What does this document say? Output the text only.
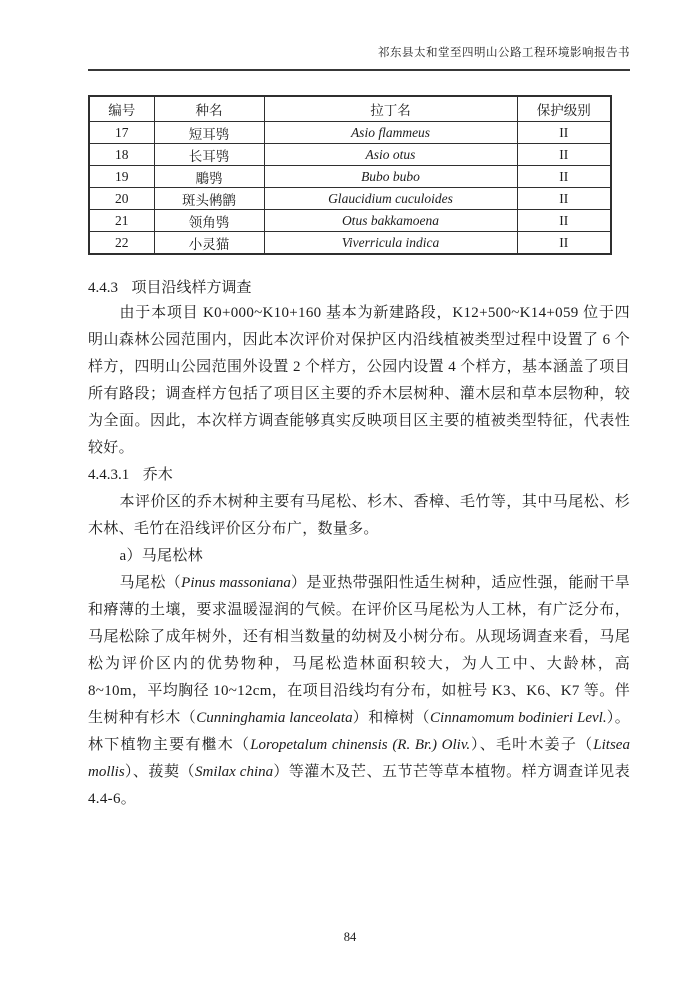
祁东县太和堂至四明山公路工程环境影响报告书
编号	种名	拉丁名	保护级别
17	短耳鸮	Asio flammeus	II
18	长耳鸮	Asio otus	II
19	鵰鸮	Bubo bubo	II
20	斑头鸺鹠	Glaucidium cuculoides	II
21	领角鸮	Otus bakkamoena	II
22	小灵猫	Viverricula indica	II
4.4.3 项目沿线样方调查

由于本项目 K0+000~K10+160 基本为新建路段，K12+500~K14+059 位于四明山森林公园范围内，因此本次评价对保护区内沿线植被类型过程中设置了 6 个样方，四明山公园范围外设置 2 个样方，公园内设置 4 个样方，基本涵盖了项目所有路段；调查样方包括了项目区主要的乔木层树种、灌木层和草本层物种，较为全面。因此，本次样方调查能够真实反映项目区主要的植被类型特征，代表性较好。

4.4.3.1 乔木

本评价区的乔木树种主要有马尾松、杉木、香樟、毛竹等，其中马尾松、杉木林、毛竹在沿线评价区分布广，数量多。

a）马尾松林

马尾松（Pinus massoniana）是亚热带强阳性适生树种，适应性强，能耐干旱和瘠薄的土壤，要求温暖湿润的气候。在评价区马尾松为人工林，有广泛分布，马尾松除了成年树外，还有相当数量的幼树及小树分布。从现场调查来看，马尾松为评价区内的优势物种，马尾松造林面积较大，为人工中、大龄林，高 8~10m，平均胸径 10~12cm，在项目沿线均有分布，如桩号 K3、K6、K7 等。伴生树种有杉木（Cunninghamia lanceolata）和樟树（Cinnamomum bodinieri Levl.）。林下植物主要有檵木（Loropetalum chinensis (R. Br.) Oliv.）、毛叶木姜子（Litsea mollis）、菝葜（Smilax china）等灌木及芒、五节芒等草本植物。样方调查详见表 4.4-6。

84
